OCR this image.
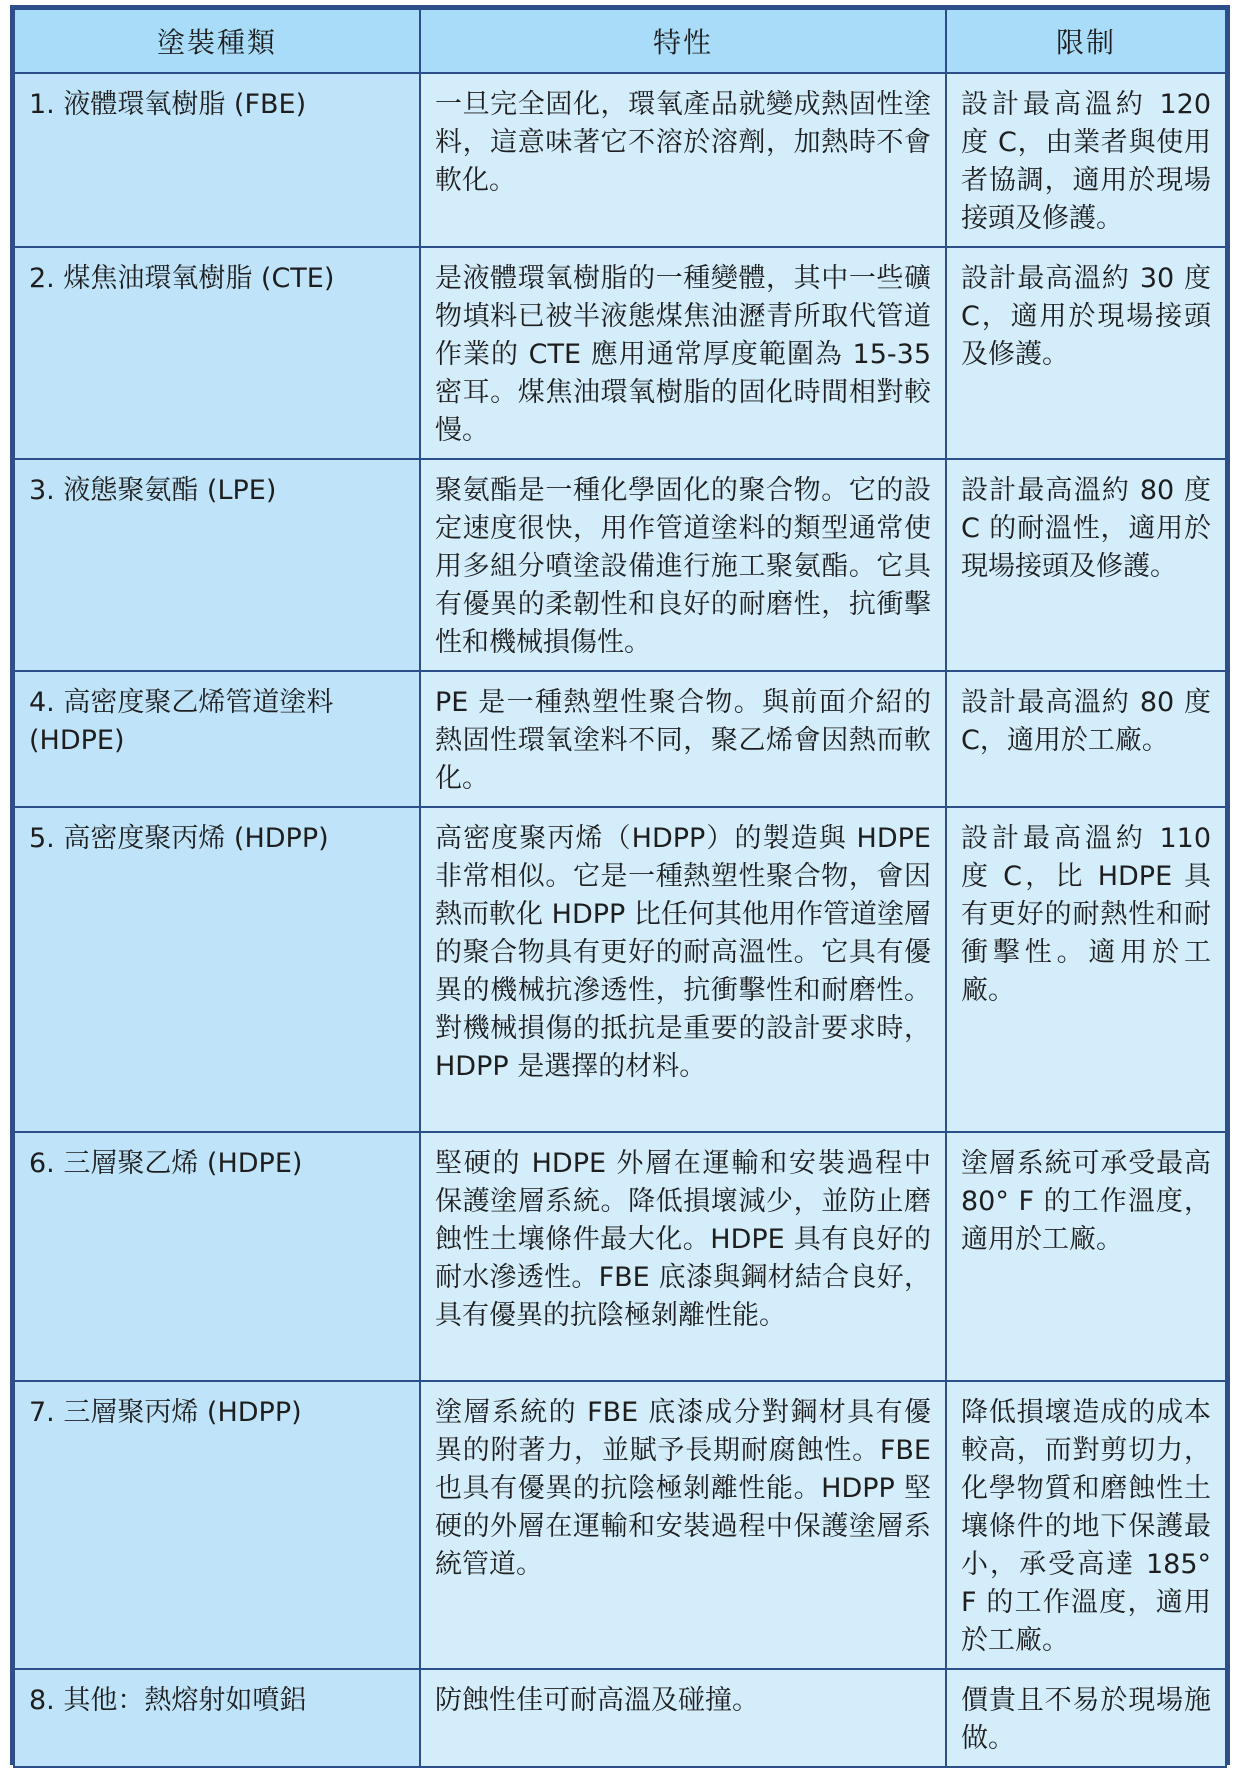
塗裝種類	特性	限制
1. 液體環氧樹脂 (FBE)	一旦完全固化，環氧產品就變成熱固性塗料，這意味著它不溶於溶劑，加熱時不會軟化。	設計最高溫約 120 度 C，由業者與使用者協調，適用於現場接頭及修護。
2. 煤焦油環氧樹脂 (CTE)	是液體環氧樹脂的一種變體，其中一些礦物填料已被半液態煤焦油瀝青所取代管道作業的 CTE 應用通常厚度範圍為 15-35 密耳。煤焦油環氧樹脂的固化時間相對較慢。	設計最高溫約 30 度 C，適用於現場接頭及修護。
3. 液態聚氨酯 (LPE)	聚氨酯是一種化學固化的聚合物。它的設定速度很快，用作管道塗料的類型通常使用多組分噴塗設備進行施工聚氨酯。它具有優異的柔韌性和良好的耐磨性，抗衝擊性和機械損傷性。	設計最高溫約 80 度 C 的耐溫性，適用於現場接頭及修護。
4. 高密度聚乙烯管道塗料 (HDPE)	PE 是一種熱塑性聚合物。與前面介紹的熱固性環氧塗料不同，聚乙烯會因熱而軟化。	設計最高溫約 80 度 C，適用於工廠。
5. 高密度聚丙烯 (HDPP)	高密度聚丙烯（HDPP）的製造與 HDPE 非常相似。它是一種熱塑性聚合物，會因熱而軟化 HDPP 比任何其他用作管道塗層的聚合物具有更好的耐高溫性。它具有優異的機械抗滲透性，抗衝擊性和耐磨性。對機械損傷的抵抗是重要的設計要求時，HDPP 是選擇的材料。	設計最高溫約 110 度 C，比 HDPE 具有更好的耐熱性和耐衝擊性。適用於工廠。
6. 三層聚乙烯 (HDPE)	堅硬的 HDPE 外層在運輸和安裝過程中保護塗層系統。降低損壞減少，並防止磨蝕性土壤條件最大化。HDPE 具有良好的耐水滲透性。FBE 底漆與鋼材結合良好，具有優異的抗陰極剝離性能。	塗層系統可承受最高 80° F 的工作溫度，適用於工廠。
7. 三層聚丙烯 (HDPP)	塗層系統的 FBE 底漆成分對鋼材具有優異的附著力，並賦予長期耐腐蝕性。FBE 也具有優異的抗陰極剝離性能。HDPP 堅硬的外層在運輸和安裝過程中保護塗層系統管道。	降低損壞造成的成本較高，而對剪切力，化學物質和磨蝕性土壤條件的地下保護最小，承受高達 185° F 的工作溫度，適用於工廠。
8. 其他：熱熔射如噴鋁	防蝕性佳可耐高溫及碰撞。	價貴且不易於現場施做。
